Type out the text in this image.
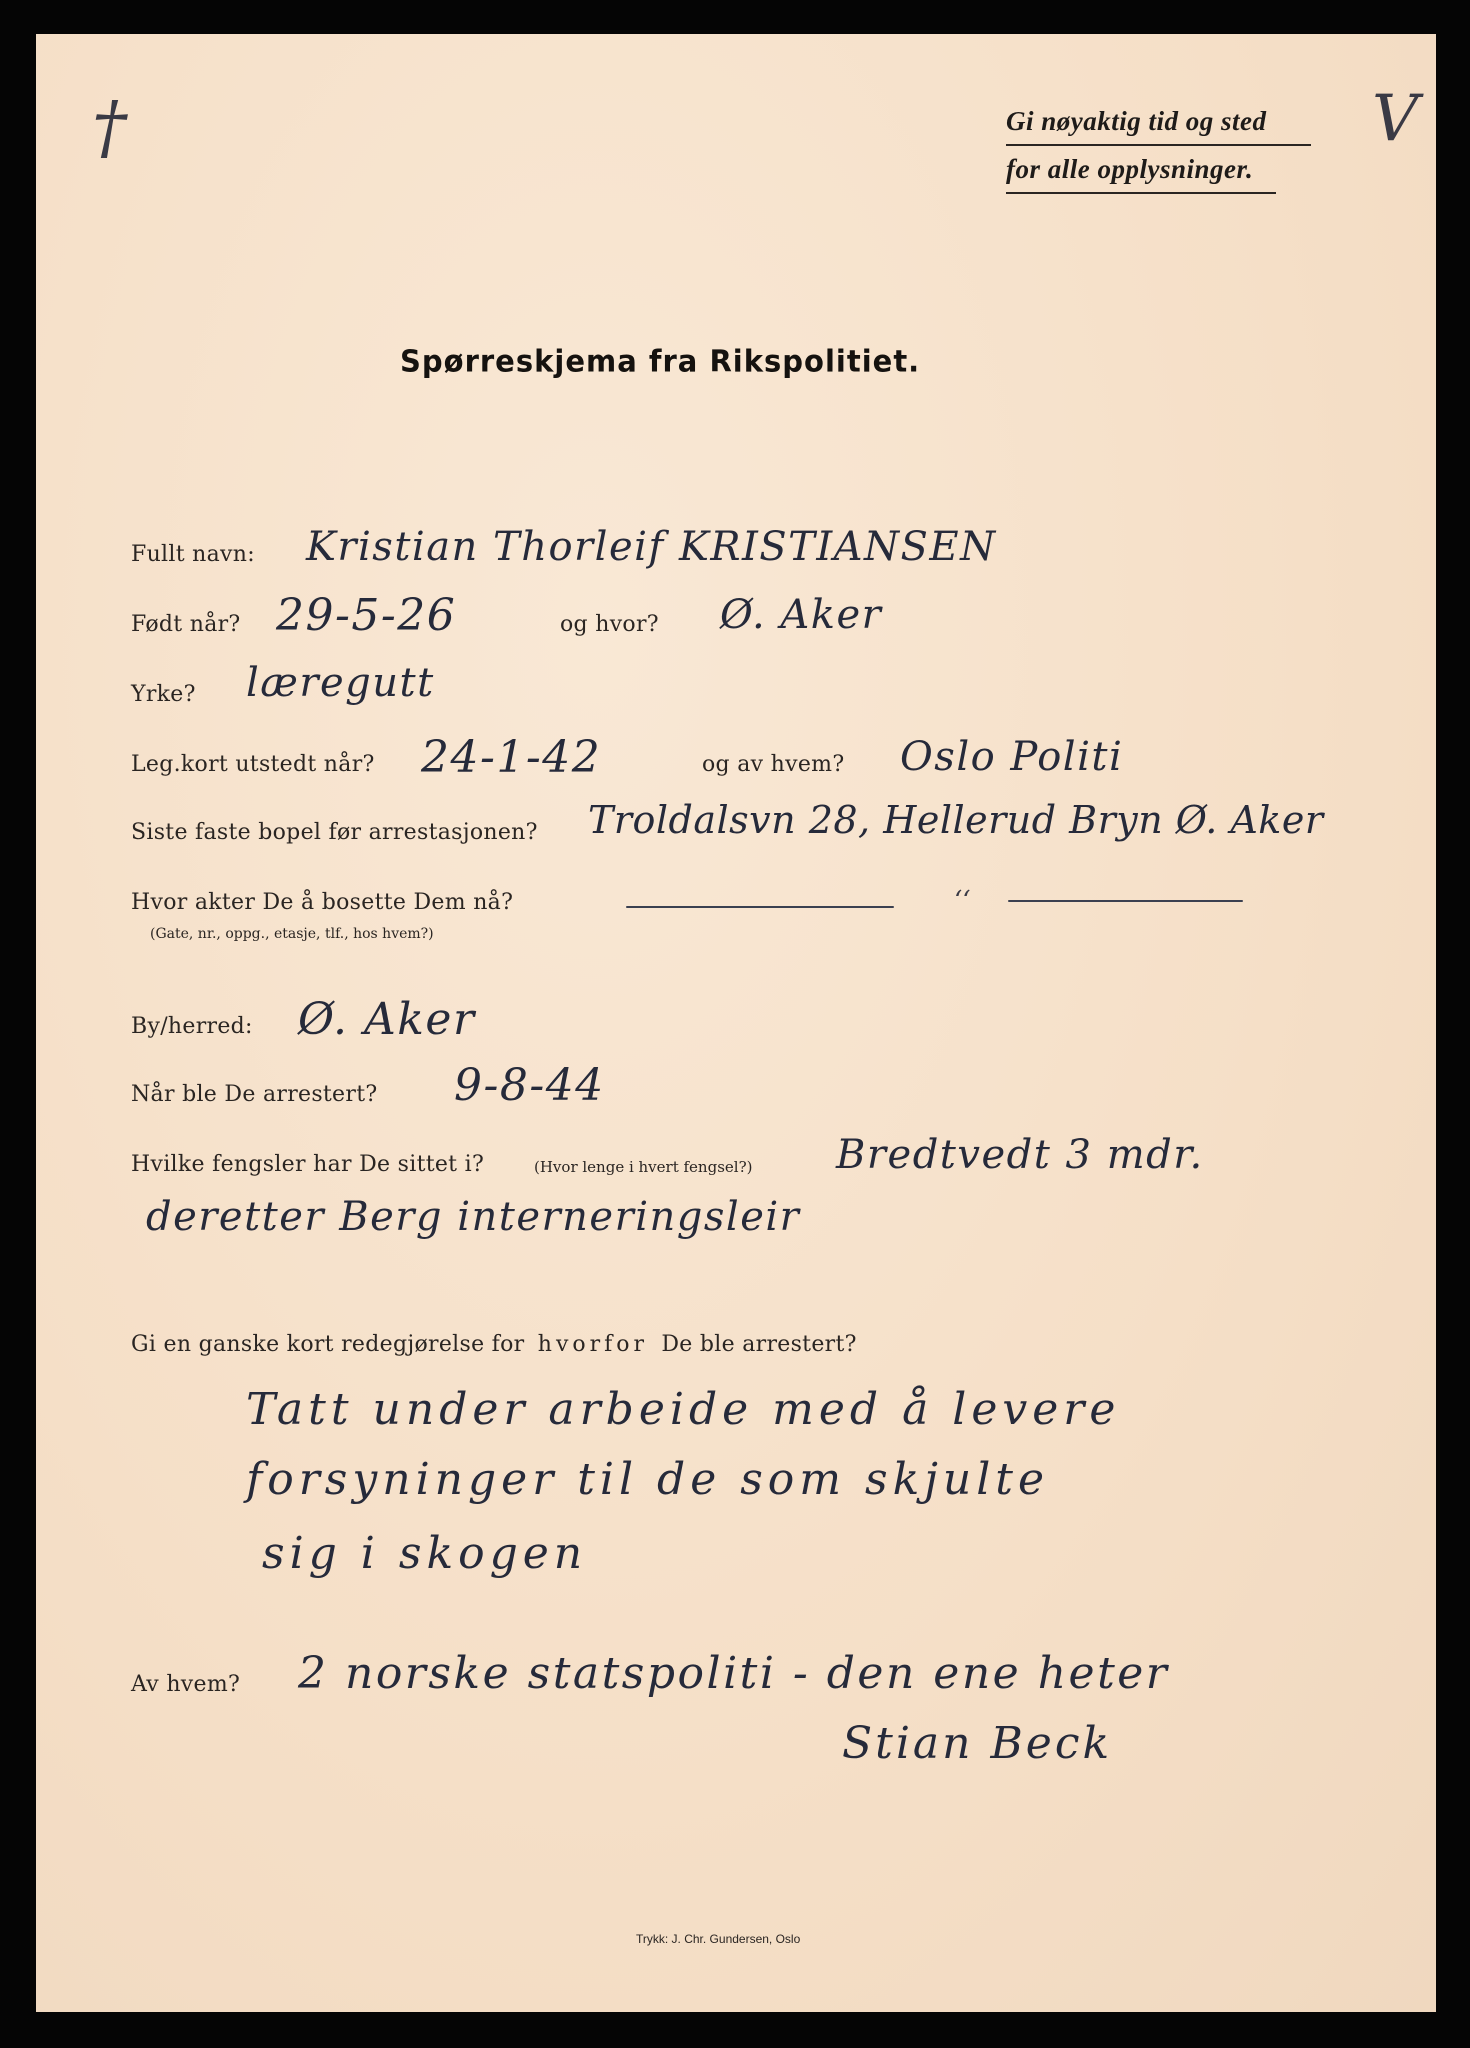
†	V
Gi nøyaktig tid og sted
for alle opplysninger.
Spørreskjema fra Rikspolitiet.
Fullt navn: Kristian Thorleif KRISTIANSEN
Født når? 29-5-26	og hvor? Ø. Aker
Yrke? læregutt
Leg.kort utstedt når? 24-1-42	og av hvem? Oslo Politi
Siste faste bopel før arrestasjonen? Troldalsvn 28, Hellerud Bryn Ø. Aker
Hvor akter De å bosette Dem nå?
(Gate, nr., oppg., etasje, tlf., hos hvem?)
‘‘
By/herred: Ø. Aker
Når ble De arrestert? 9-8-44
Hvilke fengsler har De sittet i?	(Hvor lenge i hvert fengsel?) Bredtvedt 3 mdr.
deretter Berg interneringsleir
Gi en ganske kort redegjørelse for hvorfor De ble arrestert?
Tatt under arbeide med å levere
forsyninger til de som skjulte
sig i skogen
Av hvem? 2 norske statspoliti - den ene heter
Stian Beck
Trykk: J. Chr. Gundersen, Oslo
